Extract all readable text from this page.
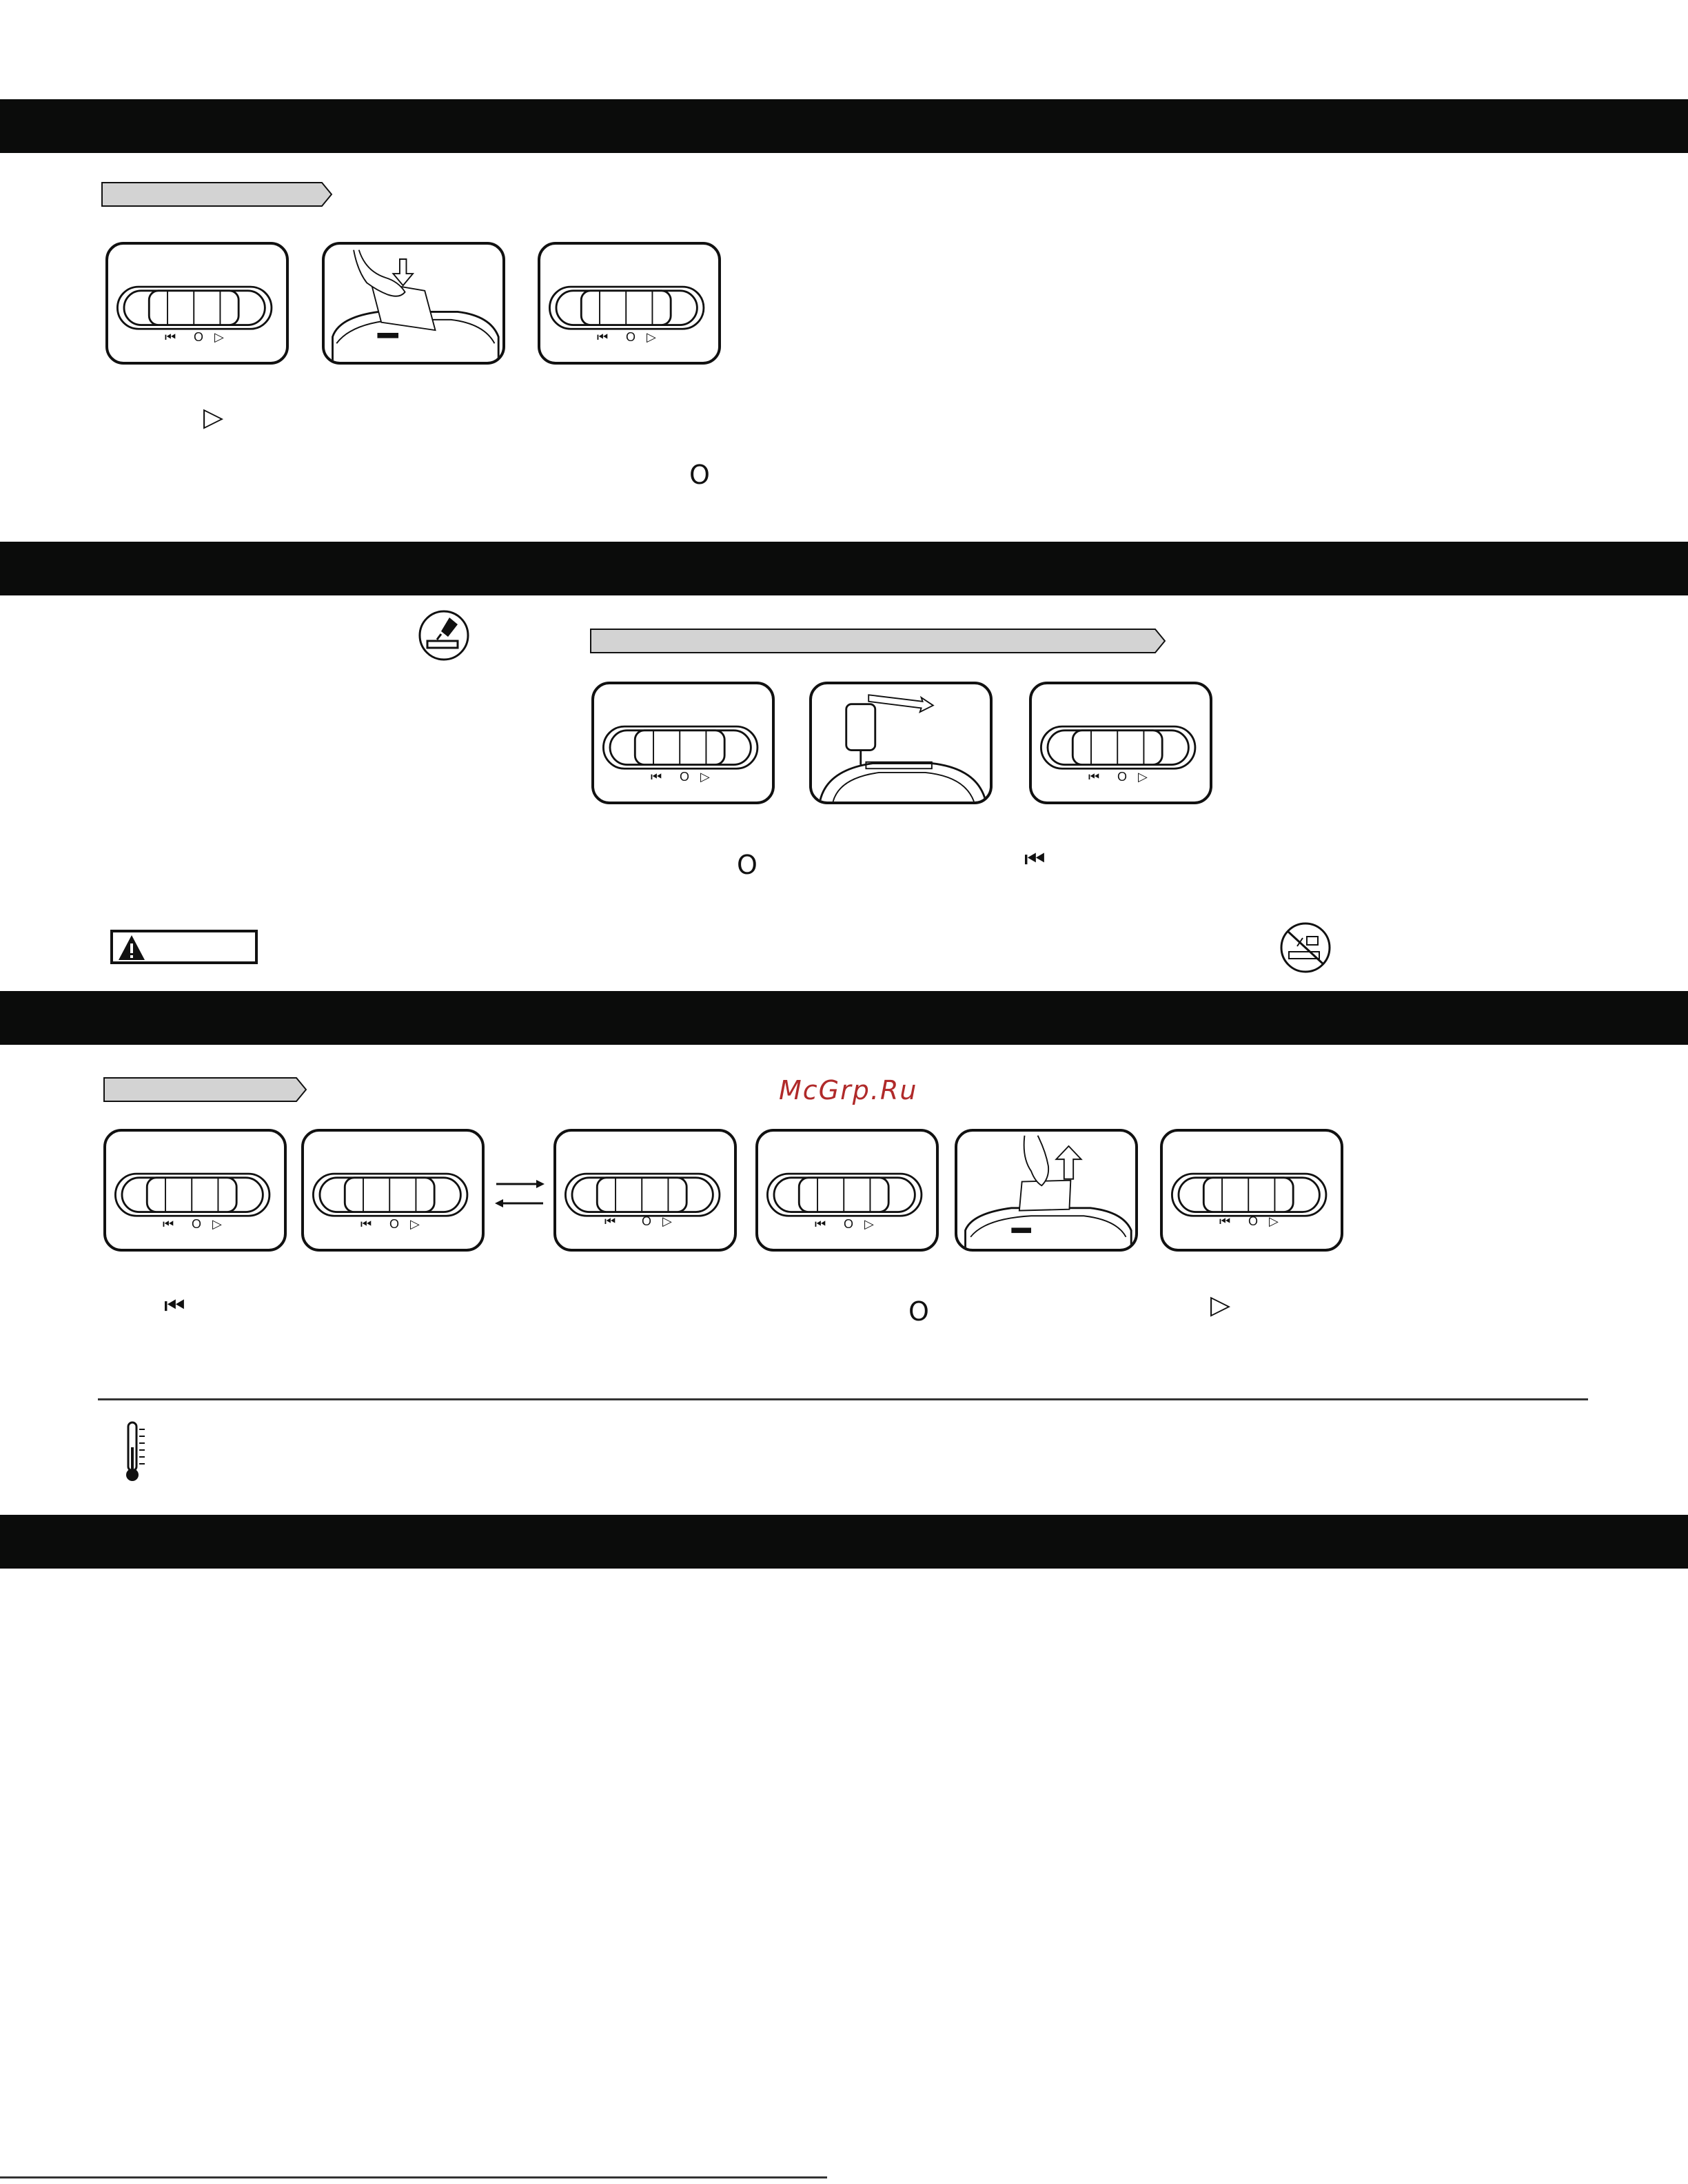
⏮ O ▷	⏮ O ▷
▷
O
⏮ O ▷	⏮ O ▷
O	⏮
McGrp.Ru
⏮ O ▷	⏮ O ▷	⏮ O ▷	⏮ O ▷	⏮ O ▷
⏮	O	▷
